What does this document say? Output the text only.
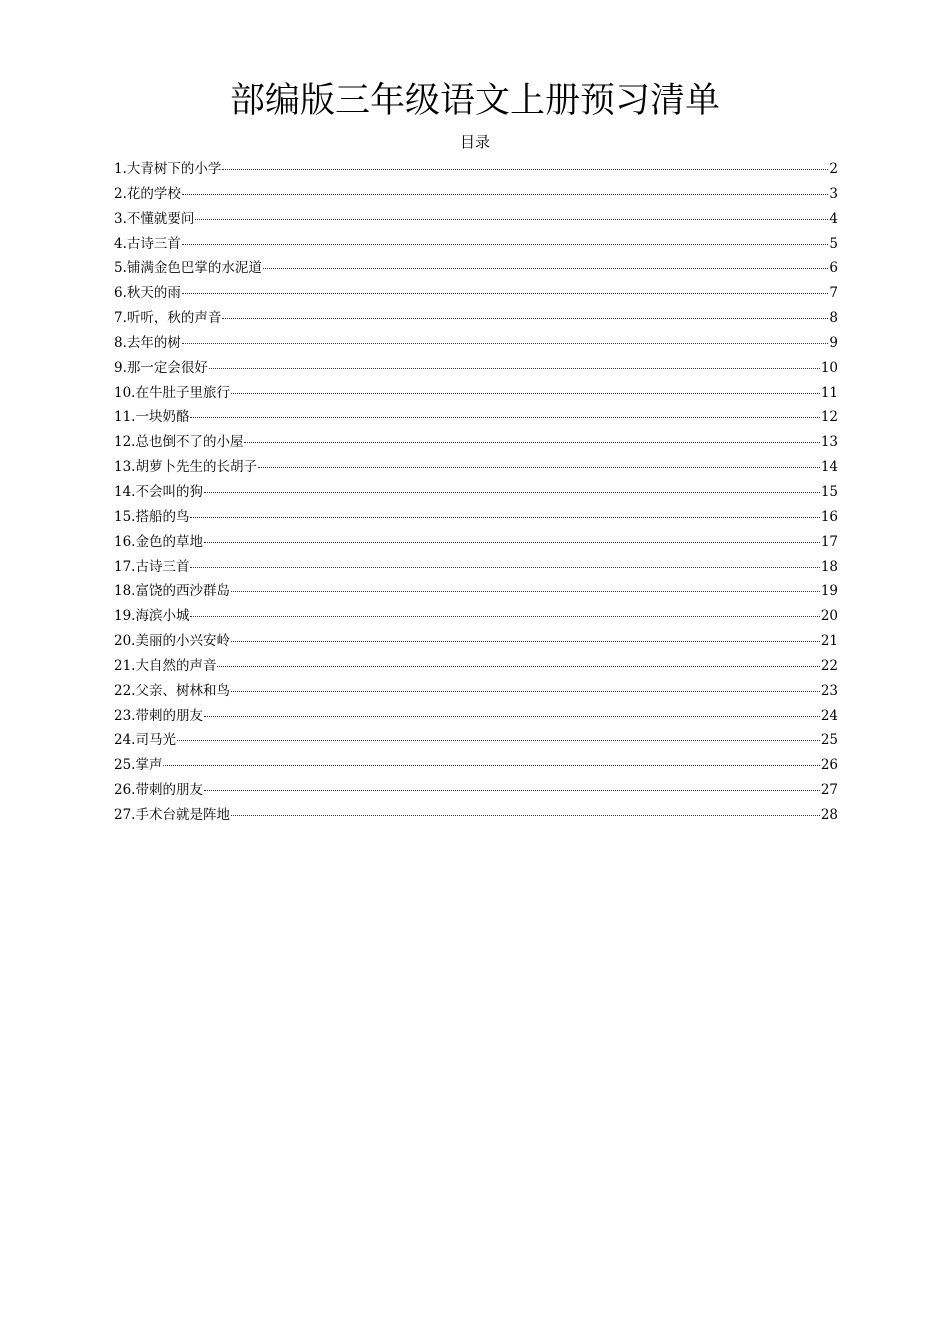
部编版三年级语文上册预习清单
目录
1.大青树下的小学	2
2.花的学校	3
3.不懂就要问	4
4.古诗三首	5
5.铺满金色巴掌的水泥道	6
6.秋天的雨	7
7.听听，秋的声音	8
8.去年的树	9
9.那一定会很好	10
10.在牛肚子里旅行	11
11.一块奶酪	12
12.总也倒不了的小屋	13
13.胡萝卜先生的长胡子	14
14.不会叫的狗	15
15.搭船的鸟	16
16.金色的草地	17
17.古诗三首	18
18.富饶的西沙群岛	19
19.海滨小城	20
20.美丽的小兴安岭	21
21.大自然的声音	22
22.父亲、树林和鸟	23
23.带刺的朋友	24
24.司马光	25
25.掌声	26
26.带刺的朋友	27
27.手术台就是阵地	28
